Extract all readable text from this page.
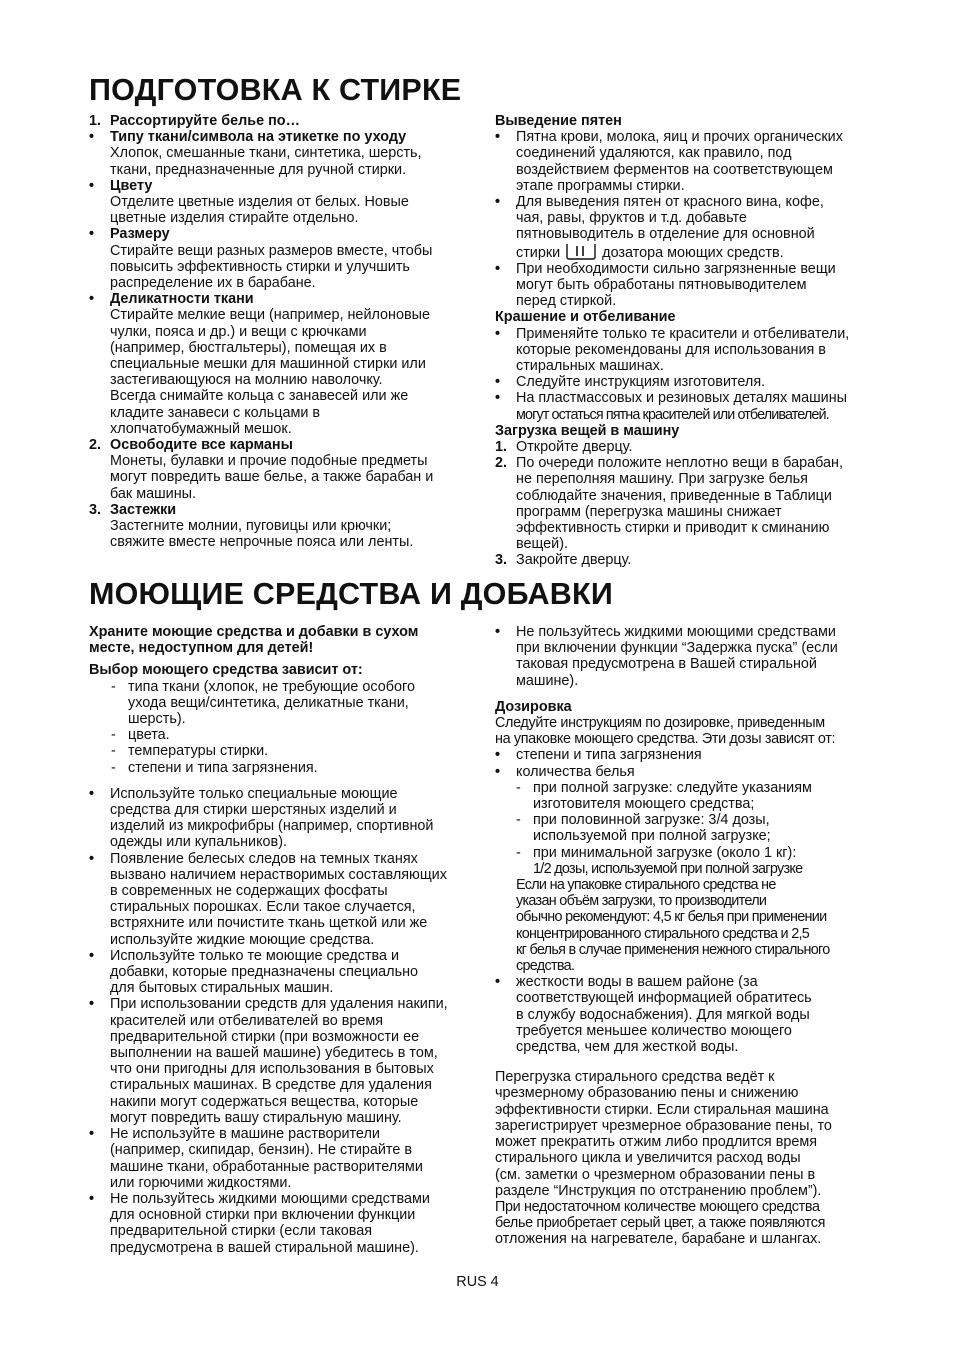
ПОДГОТОВКА К СТИРКЕ
1. Рассортируйте белье по…
• Типу ткани/символа на этикетке по уходу
Хлопок, смешанные ткани, синтетика, шерсть,
ткани, предназначенные для ручной стирки.
• Цвету
Отделите цветные изделия от белых. Новые
цветные изделия стирайте отдельно.
• Размеру
Стирайте вещи разных размеров вместе, чтобы
повысить эффективность стирки и улучшить
распределение их в барабане.
• Деликатности ткани
Стирайте мелкие вещи (например, нейлоновые
чулки, пояса и др.) и вещи с крючками
(например, бюстгальтеры), помещая их в
специальные мешки для машинной стирки или
застегивающуюся на молнию наволочку.
Всегда снимайте кольца с занавесей или же
кладите занавеси с кольцами в
хлопчатобумажный мешок.
2. Освободите все карманы
Монеты, булавки и прочие подобные предметы
могут повредить ваше белье, а также барабан и
бак машины.
3. Застежки
Застегните молнии, пуговицы или крючки;
свяжите вместе непрочные пояса или ленты.
Выведение пятен
• Пятна крови, молока, яиц и прочих органических
соединений удаляются, как правило, под
воздействием ферментов на соответствующем
этапе программы стирки.
• Для выведения пятен от красного вина, кофе,
чая, равы, фруктов и т.д. добавьте
пятновыводитель в отделение для основной
стирки	дозатора моющих средств.
• При необходимости сильно загрязненные вещи
могут быть обработаны пятновыводителем
перед стиркой.
Крашение и отбеливание
• Применяйте только те красители и отбеливатели,
которые рекомендованы для использования в
стиральных машинах.
• Следуйте инструкциям изготовителя.
• На пластмассовых и резиновых деталях машины
могут остаться пятна красителей или отбеливателей.
Загрузка вещей в машину
1. Откройте дверцу.
2. По очереди положите неплотно вещи в барабан,
не переполняя машину. При загрузке белья
соблюдайте значения, приведенные в Таблици
программ (перегрузка машины снижает
эффективность стирки и приводит к сминанию
вещей).
3. Закройте дверцу.
МОЮЩИЕ СРЕДСТВА И ДОБАВКИ
Храните моющие средства и добавки в сухом
месте, недоступном для детей!
Выбор моющего средства зависит от:
- типа ткани (хлопок, не требующие особого
ухода вещи/синтетика, деликатные ткани,
шерсть).
- цвета.
- температуры стирки.
- степени и типа загрязнения.
• Используйте только специальные моющие
средства для стирки шерстяных изделий и
изделий из микрофибры (например, спортивной
одежды или купальников).
• Появление белесых следов на темных тканях
вызвано наличием нерастворимых составляющих
в современных не содержащих фосфаты
стиральных порошках. Если такое случается,
встряхните или почистите ткань щеткой или же
используйте жидкие моющие средства.
• Используйте только те моющие средства и
добавки, которые предназначены специально
для бытовых стиральных машин.
• При использовании средств для удаления накипи,
красителей или отбеливателей во время
предварительной стирки (при возможности ее
выполнении на вашей машине) убедитесь в том,
что они пригодны для использования в бытовых
стиральных машинах. В средстве для удаления
накипи могут содержаться вещества, которые
могут повредить вашу стиральную машину.
• Не используйте в машине растворители
(например, скипидар, бензин). Не стирайте в
машине ткани, обработанные растворителями
или горючими жидкостями.
• Не пользуйтесь жидкими моющими средствами
для основной стирки при включении функции
предварительной стирки (если таковая
предусмотрена в вашей стиральной машине).
• Не пользуйтесь жидкими моющими средствами
при включении функции “Задержка пуска” (если
таковая предусмотрена в Вашей стиральной
машине).
Дозировка
Следуйте инструкциям по дозировке, приведенным
на упаковке моющего средства. Эти дозы зависят от:
• степени и типа загрязнения
• количества белья
- при полной загрузке: следуйте указаниям
изготовителя моющего средства;
- при половинной загрузке: 3/4 дозы,
используемой при полной загрузке;
- при минимальной загрузке (около 1 кг):
1/2 дозы, используемой при полной загрузке
Если на упаковке стирального средства не
указан объём загрузки, то производители
обычно рекомендуют: 4,5 кг белья при применении
концентрированного стирального средства и 2,5
кг белья в случае применения нежного стирального
средства.
• жесткости воды в вашем районе (за
соответствующей информацией обратитесь
в службу водоснабжения). Для мягкой воды
требуется меньшее количество моющего
средства, чем для жесткой воды.
Перегрузка стирального средства ведёт к
чрезмерному образованию пены и снижению
эффективности стирки. Если стиральная машина
зарегистрирует чрезмерное образование пены, то
может прекратить отжим либо продлится время
стирального цикла и увеличится расход воды
(см. заметки о чрезмерном образовании пены в
разделе “Инструкция по отстранению проблем”).
При недостаточном количестве моющего средства
белье приобретает серый цвет, а также появляются
отложения на нагревателе, барабане и шлангах.
RUS 4
